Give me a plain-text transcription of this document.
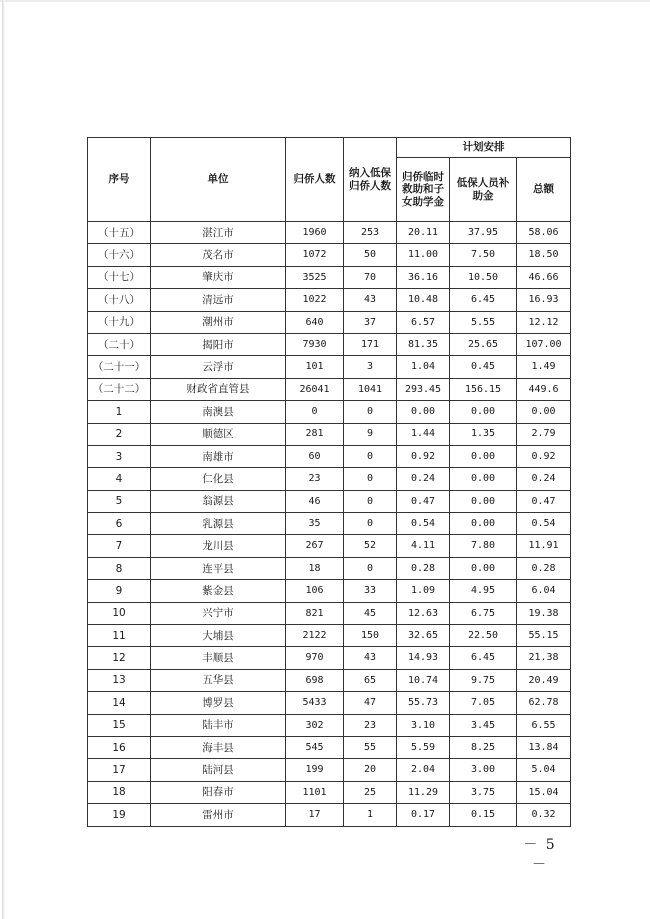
序号	单位	归侨人数	纳入低保归侨人数	计划安排		
				归侨临时救助和子女助学金	低保人员补助金	总额
（十五）	湛江市	1960	253	20.11	37.95	58.06
（十六）	茂名市	1072	50	11.00	7.50	18.50
（十七）	肇庆市	3525	70	36.16	10.50	46.66
（十八）	清远市	1022	43	10.48	6.45	16.93
（十九）	潮州市	640	37	6.57	5.55	12.12
（二十）	揭阳市	7930	171	81.35	25.65	107.00
（二十一）	云浮市	101	3	1.04	0.45	1.49
（二十二）	财政省直管县	26041	1041	293.45	156.15	449.6
1	南澳县	0	0	0.00	0.00	0.00
2	顺德区	281	9	1.44	1.35	2.79
3	南雄市	60	0	0.92	0.00	0.92
4	仁化县	23	0	0.24	0.00	0.24
5	翁源县	46	0	0.47	0.00	0.47
6	乳源县	35	0	0.54	0.00	0.54
7	龙川县	267	52	4.11	7.80	11.91
8	连平县	18	0	0.28	0.00	0.28
9	紫金县	106	33	1.09	4.95	6.04
10	兴宁市	821	45	12.63	6.75	19.38
11	大埔县	2122	150	32.65	22.50	55.15
12	丰顺县	970	43	14.93	6.45	21.38
13	五华县	698	65	10.74	9.75	20.49
14	博罗县	5433	47	55.73	7.05	62.78
15	陆丰市	302	23	3.10	3.45	6.55
16	海丰县	545	55	5.59	8.25	13.84
17	陆河县	199	20	2.04	3.00	5.04
18	阳春市	1101	25	11.29	3.75	15.04
19	雷州市	17	1	0.17	0.15	0.32
－ 5 －
